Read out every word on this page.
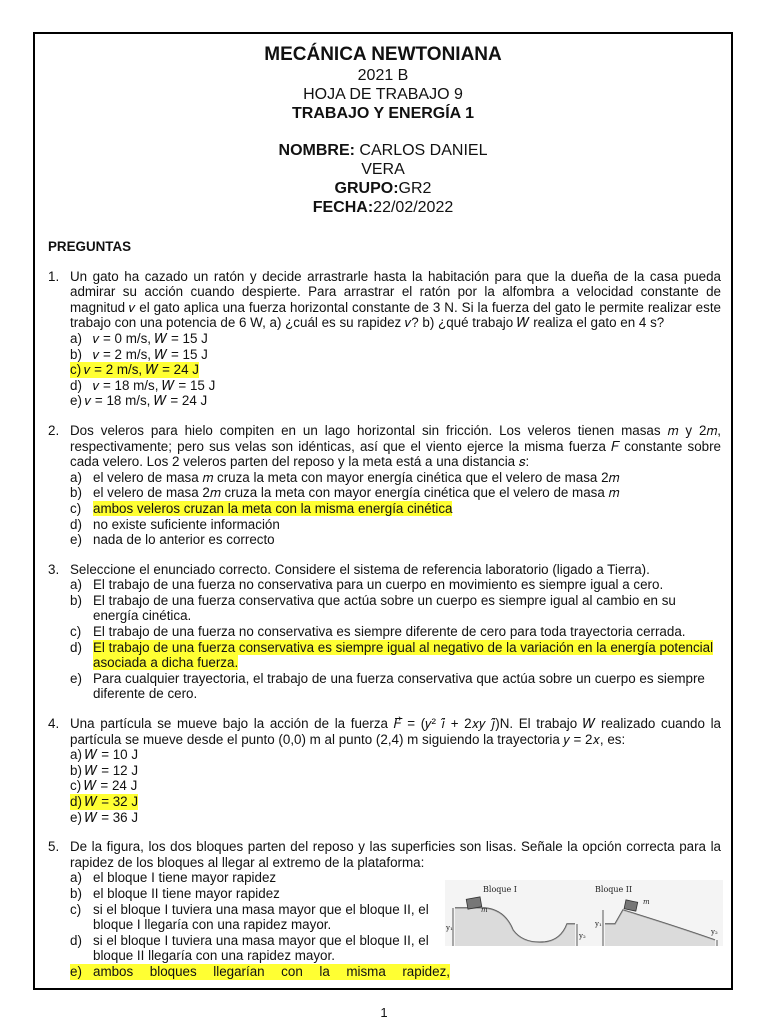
MECÁNICA NEWTONIANA
2021 B
HOJA DE TRABAJO 9
TRABAJO Y ENERGÍA 1
NOMBRE: CARLOS DANIEL
VERA
GRUPO:GR2
FECHA:22/02/2022
PREGUNTAS
1. Un gato ha cazado un ratón y decide arrastrarle hasta la habitación para que la dueña de la casa pueda admirar su acción cuando despierte. Para arrastrar el ratón por la alfombra a velocidad constante de magnitud 𝑣 el gato aplica una fuerza horizontal constante de 3 N. Si la fuerza del gato le permite realizar este trabajo con una potencia de 6 W, a) ¿cuál es su rapidez 𝑣? b) ¿qué trabajo 𝑊 realiza el gato en 4 s?
a) 𝑣 = 0 m/s, 𝑊 = 15 J
b) 𝑣 = 2 m/s, 𝑊 = 15 J
c) 𝑣 = 2 m/s, 𝑊 = 24 J
d) 𝑣 = 18 m/s, 𝑊 = 15 J
e) 𝑣 = 18 m/s, 𝑊 = 24 J
2. Dos veleros para hielo compiten en un lago horizontal sin fricción. Los veleros tienen masas 𝑚 y 2𝑚, respectivamente; pero sus velas son idénticas, así que el viento ejerce la misma fuerza 𝐹 constante sobre cada velero. Los 2 veleros parten del reposo y la meta está a una distancia 𝑠:
a) el velero de masa 𝑚 cruza la meta con mayor energía cinética que el velero de masa 2𝑚
b) el velero de masa 2𝑚 cruza la meta con mayor energía cinética que el velero de masa 𝑚
c) ambos veleros cruzan la meta con la misma energía cinética
d) no existe suficiente información
e) nada de lo anterior es correcto
3. Seleccione el enunciado correcto. Considere el sistema de referencia laboratorio (ligado a Tierra).
a) El trabajo de una fuerza no conservativa para un cuerpo en movimiento es siempre igual a cero.
b) El trabajo de una fuerza conservativa que actúa sobre un cuerpo es siempre igual al cambio en su energía cinética.
c) El trabajo de una fuerza no conservativa es siempre diferente de cero para toda trayectoria cerrada.
d) El trabajo de una fuerza conservativa es siempre igual al negativo de la variación en la energía potencial asociada a dicha fuerza.
e) Para cualquier trayectoria, el trabajo de una fuerza conservativa que actúa sobre un cuerpo es siempre diferente de cero.
4. Una partícula se mueve bajo la acción de la fuerza 𝐹⃗ = (𝑦² 𝑖̂ + 2𝑥𝑦 𝑗̂)N. El trabajo 𝑊 realizado cuando la partícula se mueve desde el punto (0,0) m al punto (2,4) m siguiendo la trayectoria 𝑦 = 2𝑥, es:
a) 𝑊 = 10 J
b) 𝑊 = 12 J
c) 𝑊 = 24 J
d) 𝑊 = 32 J
e) 𝑊 = 36 J
5. De la figura, los dos bloques parten del reposo y las superficies son lisas. Señale la opción correcta para la rapidez de los bloques al llegar al extremo de la plataforma:
a) el bloque I tiene mayor rapidez
b) el bloque II tiene mayor rapidez
c) si el bloque I tuviera una masa mayor que el bloque II, el bloque I llegaría con una rapidez mayor.
d) si el bloque I tuviera una masa mayor que el bloque II, el bloque II llegaría con una rapidez mayor.
e) ambos bloques llegarían con la misma rapidez,
Bloque I	Bloque II
m
m
y₁
y₂
y₁
y₂
1
